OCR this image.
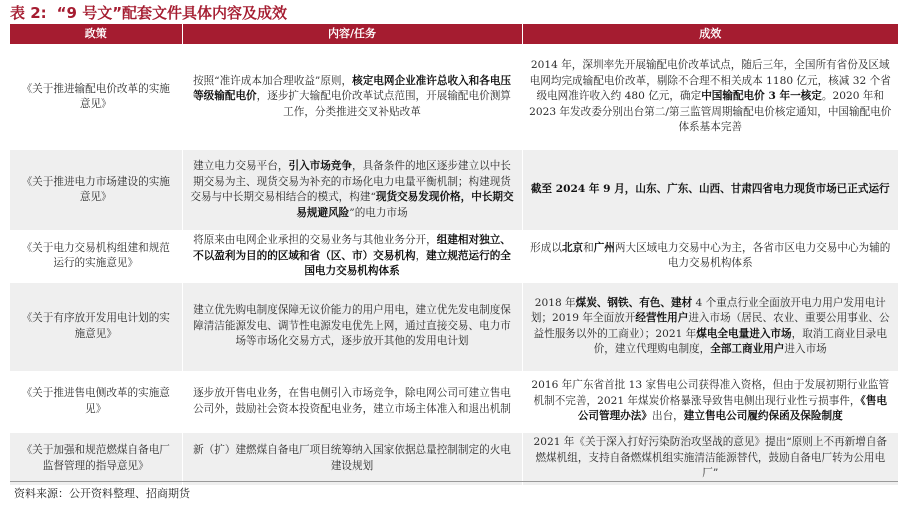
表 2: “9 号文”配套文件具体内容及成效
政策	内容/任务	成效
《关于推进输配电价改革的实施意见》	按照“准许成本加合理收益”原则，核定电网企业准许总收入和各电压等级输配电价，逐步扩大输配电价改革试点范围，开展输配电价测算工作，分类推进交叉补贴改革	2014 年，深圳率先开展输配电价改革试点，随后三年，全国所有省份及区域电网均完成输配电价改革，剔除不合理不相关成本 1180 亿元，核减 32 个省级电网准许收入约 480 亿元，确定中国输配电价 3 年一核定。2020 年和 2023 年发改委分别出台第二/第三监管周期输配电价核定通知，中国输配电价体系基本完善
《关于推进电力市场建设的实施意见》	建立电力交易平台，引入市场竞争，具备条件的地区逐步建立以中长期交易为主、现货交易为补充的市场化电力电量平衡机制；构建现货交易与中长期交易相结合的模式，构建“现货交易发现价格，中长期交易规避风险”的电力市场	截至 2024 年 9 月，山东、广东、山西、甘肃四省电力现货市场已正式运行
《关于电力交易机构组建和规范运行的实施意见》	将原来由电网企业承担的交易业务与其他业务分开，组建相对独立、不以盈利为目的的区域和省（区、市）交易机构，建立规范运行的全国电力交易机构体系	形成以北京和广州两大区域电力交易中心为主，各省市区电力交易中心为辅的电力交易机构体系
《关于有序放开发用电计划的实施意见》	建立优先购电制度保障无议价能力的用户用电，建立优先发电制度保障清洁能源发电、调节性电源发电优先上网，通过直接交易、电力市场等市场化交易方式，逐步放开其他的发用电计划	2018 年煤炭、钢铁、有色、建材 4 个重点行业全面放开电力用户发用电计划；2019 年全面放开经营性用户进入市场（居民、农业、重要公用事业、公益性服务以外的工商业）；2021 年煤电全电量进入市场，取消工商业目录电价，建立代理购电制度，全部工商业用户进入市场
《关于推进售电侧改革的实施意见》	逐步放开售电业务，在售电侧引入市场竞争，除电网公司可建立售电公司外，鼓励社会资本投资配电业务，建立市场主体准入和退出机制	2016 年广东省首批 13 家售电公司获得准入资格，但由于发展初期行业监管机制不完善，2021 年煤炭价格暴涨导致售电侧出现行业性亏损事件，《售电公司管理办法》出台，建立售电公司履约保函及保险制度
《关于加强和规范燃煤自备电厂监督管理的指导意见》	新（扩）建燃煤自备电厂项目统筹纳入国家依据总量控制制定的火电建设规划	2021 年《关于深入打好污染防治攻坚战的意见》提出“原则上不再新增自备燃煤机组，支持自备燃煤机组实施清洁能源替代，鼓励自备电厂转为公用电厂”
资料来源：公开资料整理、招商期货
